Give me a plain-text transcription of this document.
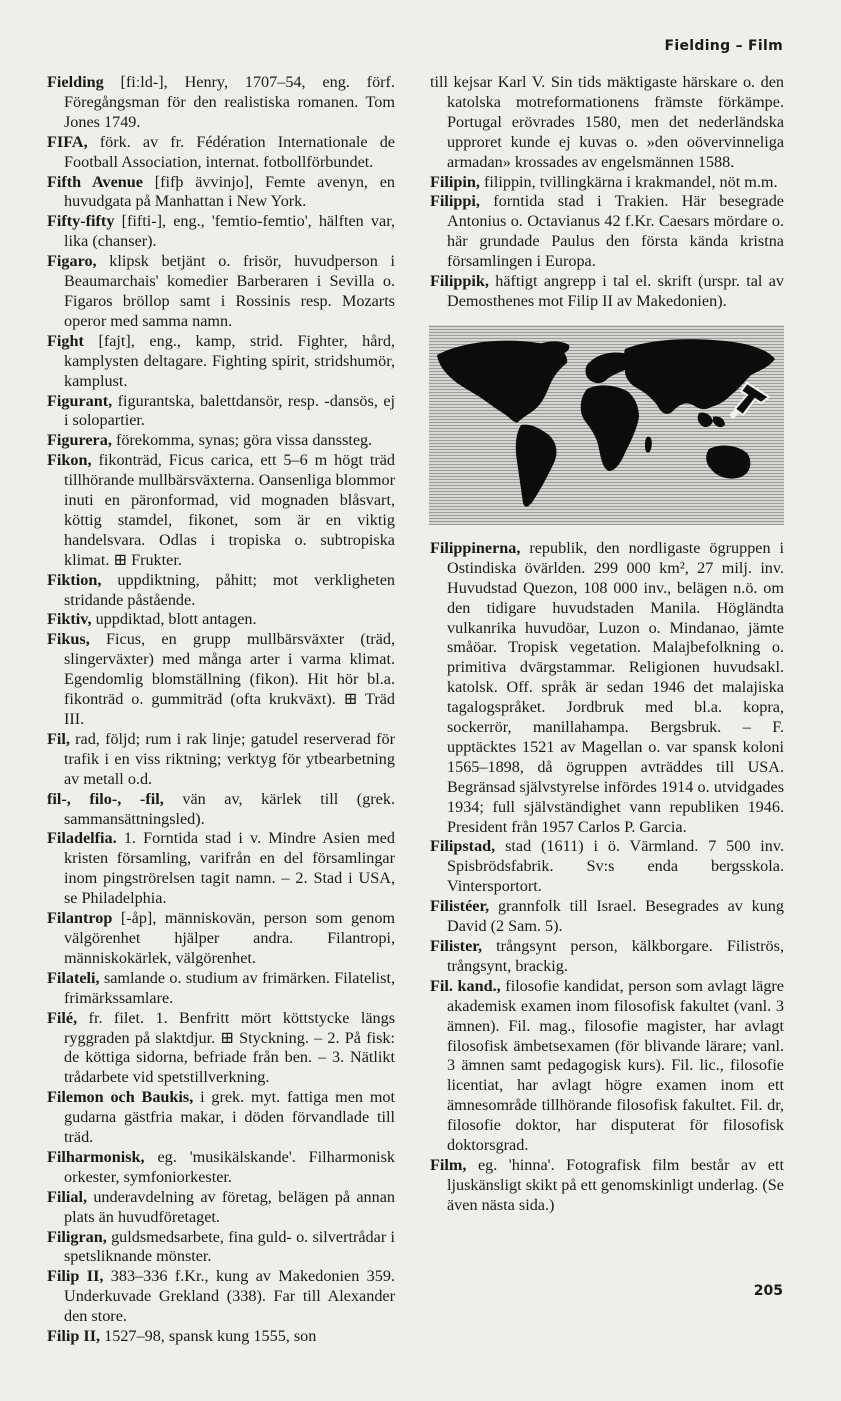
Fielding – Film

Fielding [fiːld-], Henry, 1707–54, eng. förf. Föregångsman för den realistiska romanen. Tom Jones 1749.

FIFA, förk. av fr. Fédération Internationale de Football Association, internat. fotbollförbundet.

Fifth Avenue [fifþ ävvinjo], Femte avenyn, en huvudgata på Manhattan i New York.

Fifty-fifty [fifti-], eng., 'femtio-femtio', hälften var, lika (chanser).

Figaro, klipsk betjänt o. frisör, huvudperson i Beaumarchais' komedier Barberaren i Sevilla o. Figaros bröllop samt i Rossinis resp. Mozarts operor med samma namn.

Fight [fajt], eng., kamp, strid. Fighter, hård, kamplysten deltagare. Fighting spirit, stridshumör, kamplust.

Figurant, figurantska, balettdansör, resp. -dansös, ej i solopartier.

Figurera, förekomma, synas; göra vissa danssteg.

Fikon, fikonträd, Ficus carica, ett 5–6 m högt träd tillhörande mullbärsväxterna. Oansenliga blommor inuti en päronformad, vid mognaden blåsvart, köttig stamdel, fikonet, som är en viktig handelsvara. Odlas i tropiska o. subtropiska klimat. ⊞ Frukter.

Fiktion, uppdiktning, påhitt; mot verkligheten stridande påstående.

Fiktiv, uppdiktad, blott antagen.

Fikus, Ficus, en grupp mullbärsväxter (träd, slingerväxter) med många arter i varma klimat. Egendomlig blomställning (fikon). Hit hör bl.a. fikonträd o. gummiträd (ofta krukväxt). ⊞ Träd III.

Fil, rad, följd; rum i rak linje; gatudel reserverad för trafik i en viss riktning; verktyg för ytbearbetning av metall o.d.

fil-, filo-, -fil, vän av, kärlek till (grek. sammansättningsled).

Filadelfia. 1. Forntida stad i v. Mindre Asien med kristen församling, varifrån en del församlingar inom pingströrelsen tagit namn. – 2. Stad i USA, se Philadelphia.

Filantrop [-åp], människovän, person som genom välgörenhet hjälper andra. Filantropi, människokärlek, välgörenhet.

Filateli, samlande o. studium av frimärken. Filatelist, frimärkssamlare.

Filé, fr. filet. 1. Benfritt mört köttstycke längs ryggraden på slaktdjur. ⊞ Styckning. – 2. På fisk: de köttiga sidorna, befriade från ben. – 3. Nätlikt trådarbete vid spetstillverkning.

Filemon och Baukis, i grek. myt. fattiga men mot gudarna gästfria makar, i döden förvandlade till träd.

Filharmonisk, eg. 'musikälskande'. Filharmonisk orkester, symfoniorkester.

Filial, underavdelning av företag, belägen på annan plats än huvudföretaget.

Filigran, guldsmedsarbete, fina guld- o. silvertrådar i spetsliknande mönster.

Filip II, 383–336 f.Kr., kung av Makedonien 359. Underkuvade Grekland (338). Far till Alexander den store.

Filip II, 1527–98, spansk kung 1555, son

till kejsar Karl V. Sin tids mäktigaste härskare o. den katolska motreformationens främste förkämpe. Portugal erövrades 1580, men det nederländska upproret kunde ej kuvas o. »den oövervinneliga armadan» krossades av engelsmännen 1588.

Filipin, filippin, tvillingkärna i krakmandel, nöt m.m.

Filippi, forntida stad i Trakien. Här besegrade Antonius o. Octavianus 42 f.Kr. Caesars mördare o. här grundade Paulus den första kända kristna församlingen i Europa.

Filippik, häftigt angrepp i tal el. skrift (urspr. tal av Demosthenes mot Filip II av Makedonien).

Filippinerna, republik, den nordligaste ögruppen i Ostindiska övärlden. 299 000 km², 27 milj. inv. Huvudstad Quezon, 108 000 inv., belägen n.ö. om den tidigare huvudstaden Manila. Högländta vulkanrika huvudöar, Luzon o. Mindanao, jämte småöar. Tropisk vegetation. Malajbefolkning o. primitiva dvärgstammar. Religionen huvudsakl. katolsk. Off. språk är sedan 1946 det malajiska tagalogspråket. Jordbruk med bl.a. kopra, sockerrör, manillahampa. Bergsbruk. – F. upptäcktes 1521 av Magellan o. var spansk koloni 1565–1898, då ögruppen avträddes till USA. Begränsad självstyrelse infördes 1914 o. utvidgades 1934; full självständighet vann republiken 1946. President från 1957 Carlos P. Garcia.

Filipstad, stad (1611) i ö. Värmland. 7 500 inv. Spisbrödsfabrik. Sv:s enda bergsskola. Vintersportort.

Filistéer, grannfolk till Israel. Besegrades av kung David (2 Sam. 5).

Filister, trångsynt person, kälkborgare. Filiströs, trångsynt, brackig.

Fil. kand., filosofie kandidat, person som avlagt lägre akademisk examen inom filosofisk fakultet (vanl. 3 ämnen). Fil. mag., filosofie magister, har avlagt filosofisk ämbetsexamen (för blivande lärare; vanl. 3 ämnen samt pedagogisk kurs). Fil. lic., filosofie licentiat, har avlagt högre examen inom ett ämnesområde tillhörande filosofisk fakultet. Fil. dr, filosofie doktor, har disputerat för filosofisk doktorsgrad.

Film, eg. 'hinna'. Fotografisk film består av ett ljuskänsligt skikt på ett genomskinligt underlag. (Se även nästa sida.)

205
